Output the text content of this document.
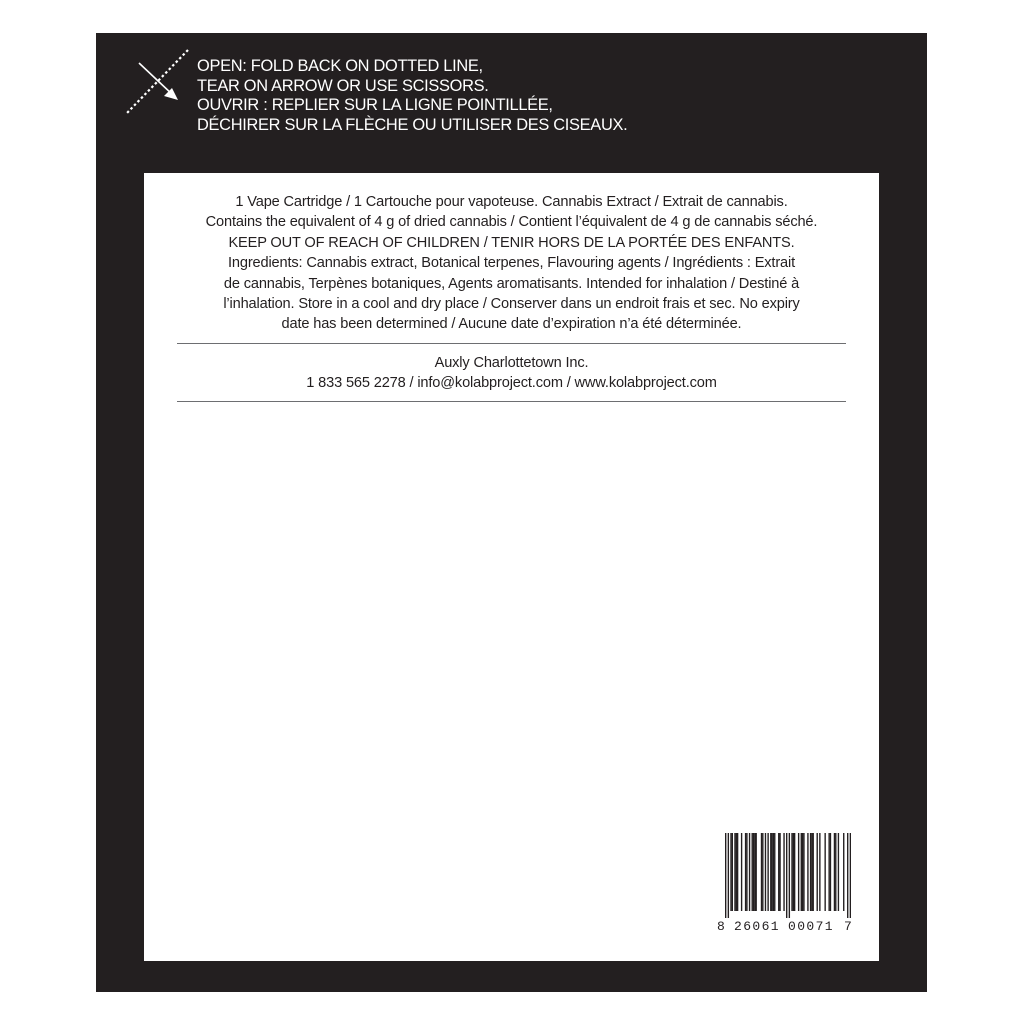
OPEN: FOLD BACK ON DOTTED LINE,
TEAR ON ARROW OR USE SCISSORS.
OUVRIR : REPLIER SUR LA LIGNE POINTILLÉE,
DÉCHIRER SUR LA FLÈCHE OU UTILISER DES CISEAUX.
1 Vape Cartridge / 1 Cartouche pour vapoteuse. Cannabis Extract / Extrait de cannabis.
Contains the equivalent of 4 g of dried cannabis / Contient l’équivalent de 4 g de cannabis séché.
KEEP OUT OF REACH OF CHILDREN / TENIR HORS DE LA PORTÉE DES ENFANTS.
Ingredients: Cannabis extract, Botanical terpenes, Flavouring agents / Ingrédients : Extrait
de cannabis, Terpènes botaniques, Agents aromatisants. Intended for inhalation / Destiné à
l’inhalation. Store in a cool and dry place / Conserver dans un endroit frais et sec. No expiry
date has been determined / Aucune date d’expiration n’a été déterminée.
Auxly Charlottetown Inc.
1 833 565 2278 / info@kolabproject.com / www.kolabproject.com
8 26061 00071 7
